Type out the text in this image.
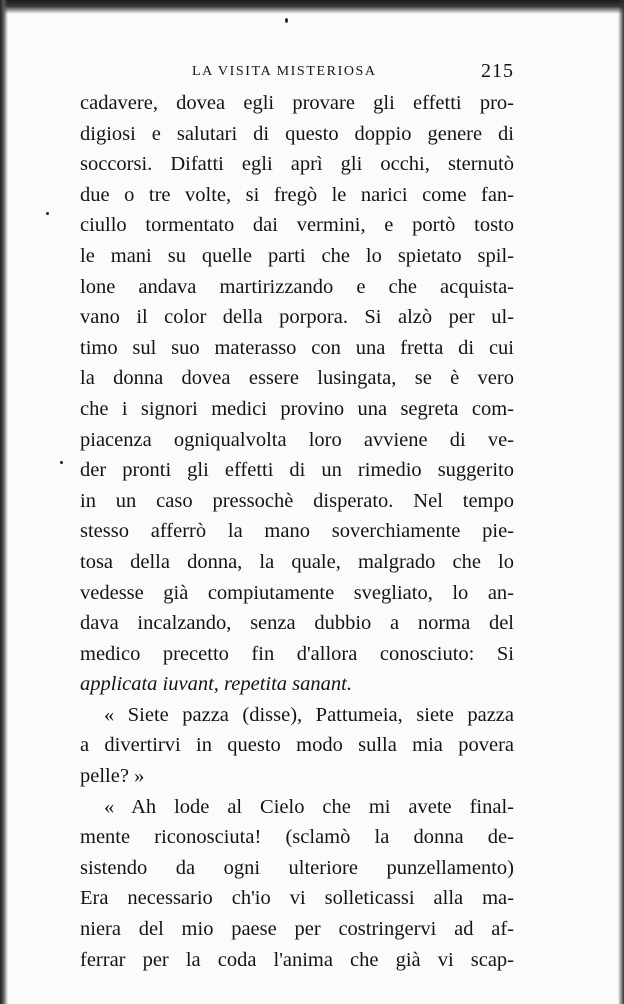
LA VISITA MISTERIOSA	215
cadavere, dovea egli provare gli effetti pro-
digiosi e salutari di questo doppio genere di
soccorsi. Difatti egli aprì gli occhi, sternutò
due o tre volte, si fregò le narici come fan-
ciullo tormentato dai vermini, e portò tosto
le mani su quelle parti che lo spietato spil-
lone andava martirizzando e che acquista-
vano il color della porpora. Si alzò per ul-
timo sul suo materasso con una fretta di cui
la donna dovea essere lusingata, se è vero
che i signori medici provino una segreta com-
piacenza ogniqualvolta loro avviene di ve-
der pronti gli effetti di un rimedio suggerito
in un caso pressochè disperato. Nel tempo
stesso afferrò la mano soverchiamente pie-
tosa della donna, la quale, malgrado che lo
vedesse già compiutamente svegliato, lo an-
dava incalzando, senza dubbio a norma del
medico precetto fin d'allora conosciuto: Si
applicata iuvant, repetita sanant.
« Siete pazza (disse), Pattumeia, siete pazza
a divertirvi in questo modo sulla mia povera
pelle? »
« Ah lode al Cielo che mi avete final-
mente riconosciuta! (sclamò la donna de-
sistendo da ogni ulteriore punzellamento)
Era necessario ch'io vi solleticassi alla ma-
niera del mio paese per costringervi ad af-
ferrar per la coda l'anima che già vi scap-
